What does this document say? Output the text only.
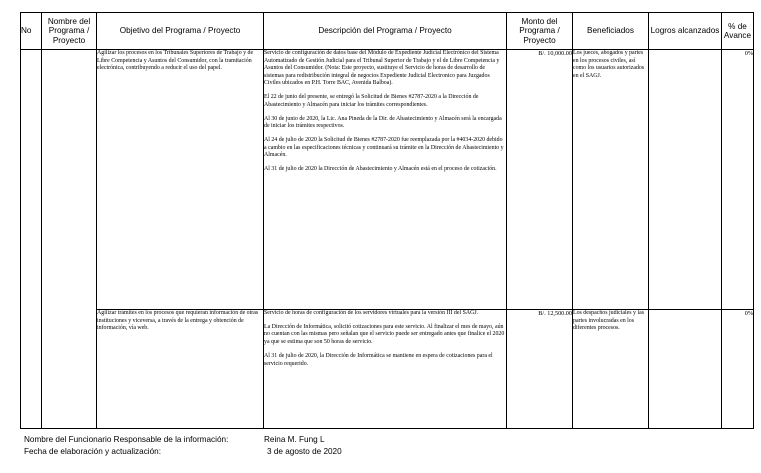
No	Nombre del Programa / Proyecto	Objetivo del Programa / Proyecto	Descripción del Programa / Proyecto	Monto del Programa / Proyecto	Beneficiados	Logros alcanzados	% de Avance
		Agilizar los procesos en los Tribunales Superiores de Trabajo y de Libre Competencia y Asuntos del Consumidor, con la tramitación electrónica, contribuyendo a reducir el uso del papel.	Servicio de configuración de datos base del Módulo de Expediente Judicial Electrónico del Sistema Automatizado de Gestión Judicial para el Tribunal Superior de Trabajo y el de Libre Competencia y Asuntos del Consumidor. (Nota: Este proyecto, sustituye el Servicio de horas de desarrollo de sistemas para redistribución integral de negocios Expediente Judicial Electronico para Juzgados Civiles ubicados en P.H. Torre BAC, Avenida Balboa).

El 22 de junio del presente, se entregó la Solicitud de Bienes #2787-2020 a la Dirección de Abastecimiento y Almacén para iniciar los trámites correspondientes.

Al 30 de junio de 2020, la Lic. Ana Pineda de la Dir. de Abastecimiento y Almacén será la encargada de iniciar los trámites respectivos.

Al 24 de julio de 2020 la Solicitud de Bienes #2787-2020 fue reemplazada por la #4034-2020 debido a cambio en las especificaciones técnicas y continuará su trámite en la Dirección de Abastecimiento y Almacén.

Al 31 de julio de 2020 la Dirección de Abastecimiento y Almacén está en el proceso de cotización.	B/. 10,000.00	Los jueces, abogados y partes en los procesos civiles, así como los usuarios autorizados en el SAGJ.		0%
		Agilizar trámites en los procesos que requieran información de otras instituciones y viceversa, a través de la entrega y obtención de información, vía web.	Servicio de horas de configuración de los servidores virtuales para la versión III del SAGJ.

La Dirección de Informática, solicitó cotizaciones para este servicio. Al finalizar el mes de mayo, aún no cuentan con las mismas pero señalan que el servicio puede ser entregado antes que finalice el 2020 ya que se estima que son 50 horas de servicio.

Al 31 de julio de 2020, la Dirección de Informática se mantiene en espera de cotizaciones para el servicio requerido.	B/. 12,500.00	Los despachos judiciales y las partes involucradas en los diferentes procesos.		0%
Nombre del Funcionario Responsable de la información:	Reina M. Fung L
Fecha de elaboración y actualización:	3 de agosto de 2020
